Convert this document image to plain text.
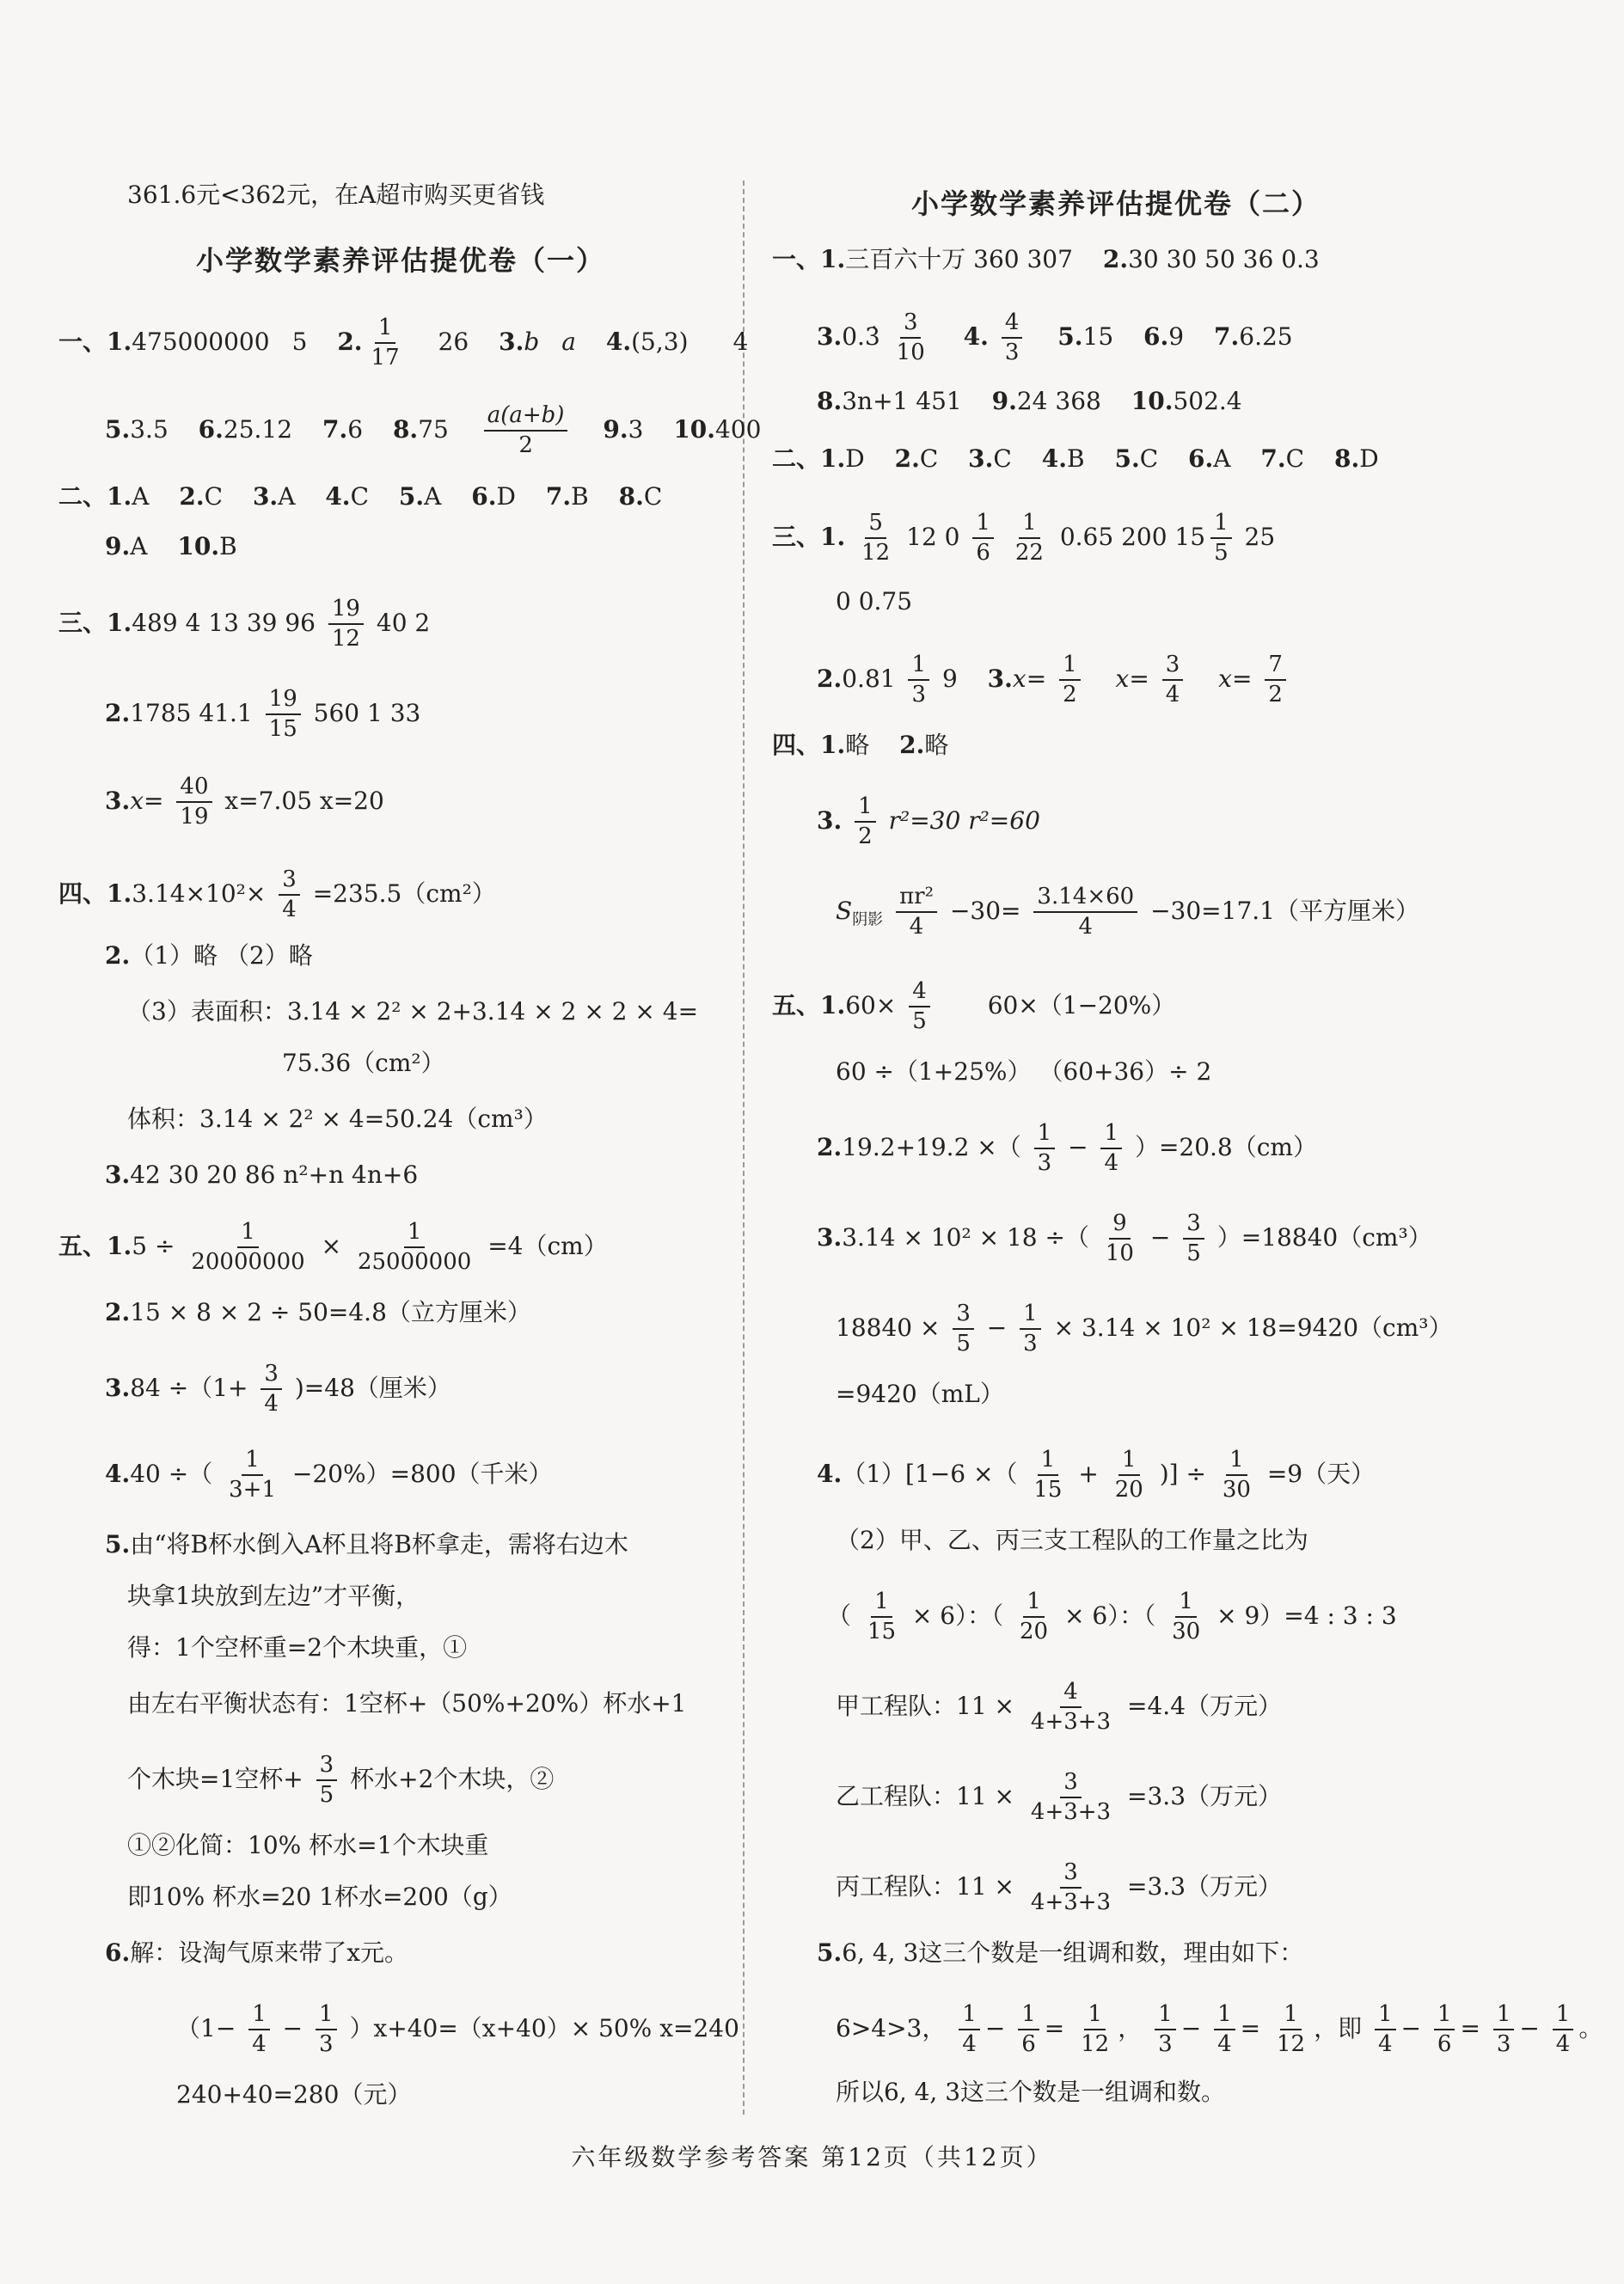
361.6元<362元，在A超市购买更省钱
小学数学素养评估提优卷（一）
一、1.475000000 5 2. $\frac{1}{17} 26$ 3.b a 4.(5,3) 4
5.3.5 6.25.12 7.6 $8.75 \frac{a(a+b)}{2} 9.3$ 10.400
二、1.A 2.C 3.A 4.C 5.A 6.D 7.B 8.C
9.A 10.B
三、1.489 4 13 39 $96 \frac{19}{12} 40$ 2
2.1785 $41.1 \frac{19}{15} 560$ 1 33
$3.x= \frac{40}{19} x=7.05$ x=20
四、$1.3.14\times 10^2\times \frac{3}{4} =235.5(cm^2)$
2.（1）略 （2）略
（3）表面积：3.14 × 2² × 2+3.14 × 2 × 2 × 4=
75.36（cm²）
体积：3.14 × 2² × 4=50.24（cm³）
3.42 30 20 86 n²+n 4n+6
五、$1.5 \div \frac{1}{20000000} \times \frac{1}{25000000} =4(cm)$
2.15 × 8 × 2 ÷ 50=4.8（立方厘米）
$3.84 \div(1+ \frac{3}{4} )=48$（厘米）
4.40 ÷（ $\frac{1}{3+1} -20\%)=800$（千米）
5.由“将B杯水倒入A杯且将B杯拿走，需将右边木
块拿1块放到左边”才平衡，
得：1个空杯重=2个木块重，①
由左右平衡状态有：1空杯+（50%+20%）杯水+1
个木块=1空杯+ $\frac{3}{5}$ 杯水+2个木块，②
①②化简：10% 杯水=1个木块重
即10% 杯水=20 1杯水=200（g）
6.解：设淘气原来带了x元。
$(1- \frac{1}{4} - \frac{1}{3} )x+40=(x+40)\times 50\%$ x=240
240+40=280（元）
小学数学素养评估提优卷（二）
一、1.三百六十万 360 307 2.30 30 50 36 0.3
3.0.3̇ $\frac{3}{10} 4$. $\frac{4}{3} 5.15$ 6.9 7.6.25
8.3n+1 451 9.24 368 10.502.4
二、1.D 2.C 3.C 4.B 5.C 6.A 7.C 8.D
三、1. $\frac{5}{12} 12$ $0 \frac{1}{6}$
$\frac{1}{22} 0.65$ 200 $15 \frac{1}{5} 25$
0 0.75
$2.0.81 \frac{1}{3} 9$ $3.x= \frac{1}{2} x= \frac{3}{4} x= \frac{7}{2}$
四、1.略 2.略
3. $\frac{1}{2} r^2=30$ r²=60
$S_{阴影} \frac{\text{πr²}}{4} -30= \frac{3.14\times 60}{4} -30=17.1$（平方厘米）
五、$1.60\times \frac{4}{5} 60\times(1-20\%)$
60 ÷（1+25%） （60+36）÷ 2
2.19.2+19.2 ×（ $\frac{1}{3} - \frac{1}{4} )=20.8(cm)$
3.3.14 × 10² × 18 ÷（ $\frac{9}{10} - \frac{3}{5} )=18840(cm^3)$
$18840 \times \frac{3}{5} - \frac{1}{3} \times 3.14 \times 10^2 \times 18=9420(cm^3)$
=9420（mL）
4.（1）[1−6 ×（ $\frac{1}{15} + \frac{1}{20}$ )] ÷ $\frac{1}{30} =9$（天）
（2）甲、乙、丙三支工程队的工作量之比为
（ $\frac{1}{15} \times 6$）：（ $\frac{1}{20} \times 6$）：（ $\frac{1}{30} \times 9)=4$ : 3 : 3
甲工程队：$11 \times \frac{4}{4+3+3} =4.4$（万元）
乙工程队：$11 \times \frac{3}{4+3+3} =3.3$（万元）
丙工程队：$11 \times \frac{3}{4+3+3} =3.3$（万元）
5.6, 4, 3这三个数是一组调和数，理由如下：
6>4>3， $\frac{1}{4} - \frac{1}{6} = \frac{1}{12}$ ， $\frac{1}{3} - \frac{1}{4} = \frac{1}{12}$ ，即 $\frac{1}{4} - \frac{1}{6} = \frac{1}{3} - \frac{1}{4}$ 。
所以6, 4, 3这三个数是一组调和数。
六年级数学参考答案 第12页（共12页）
